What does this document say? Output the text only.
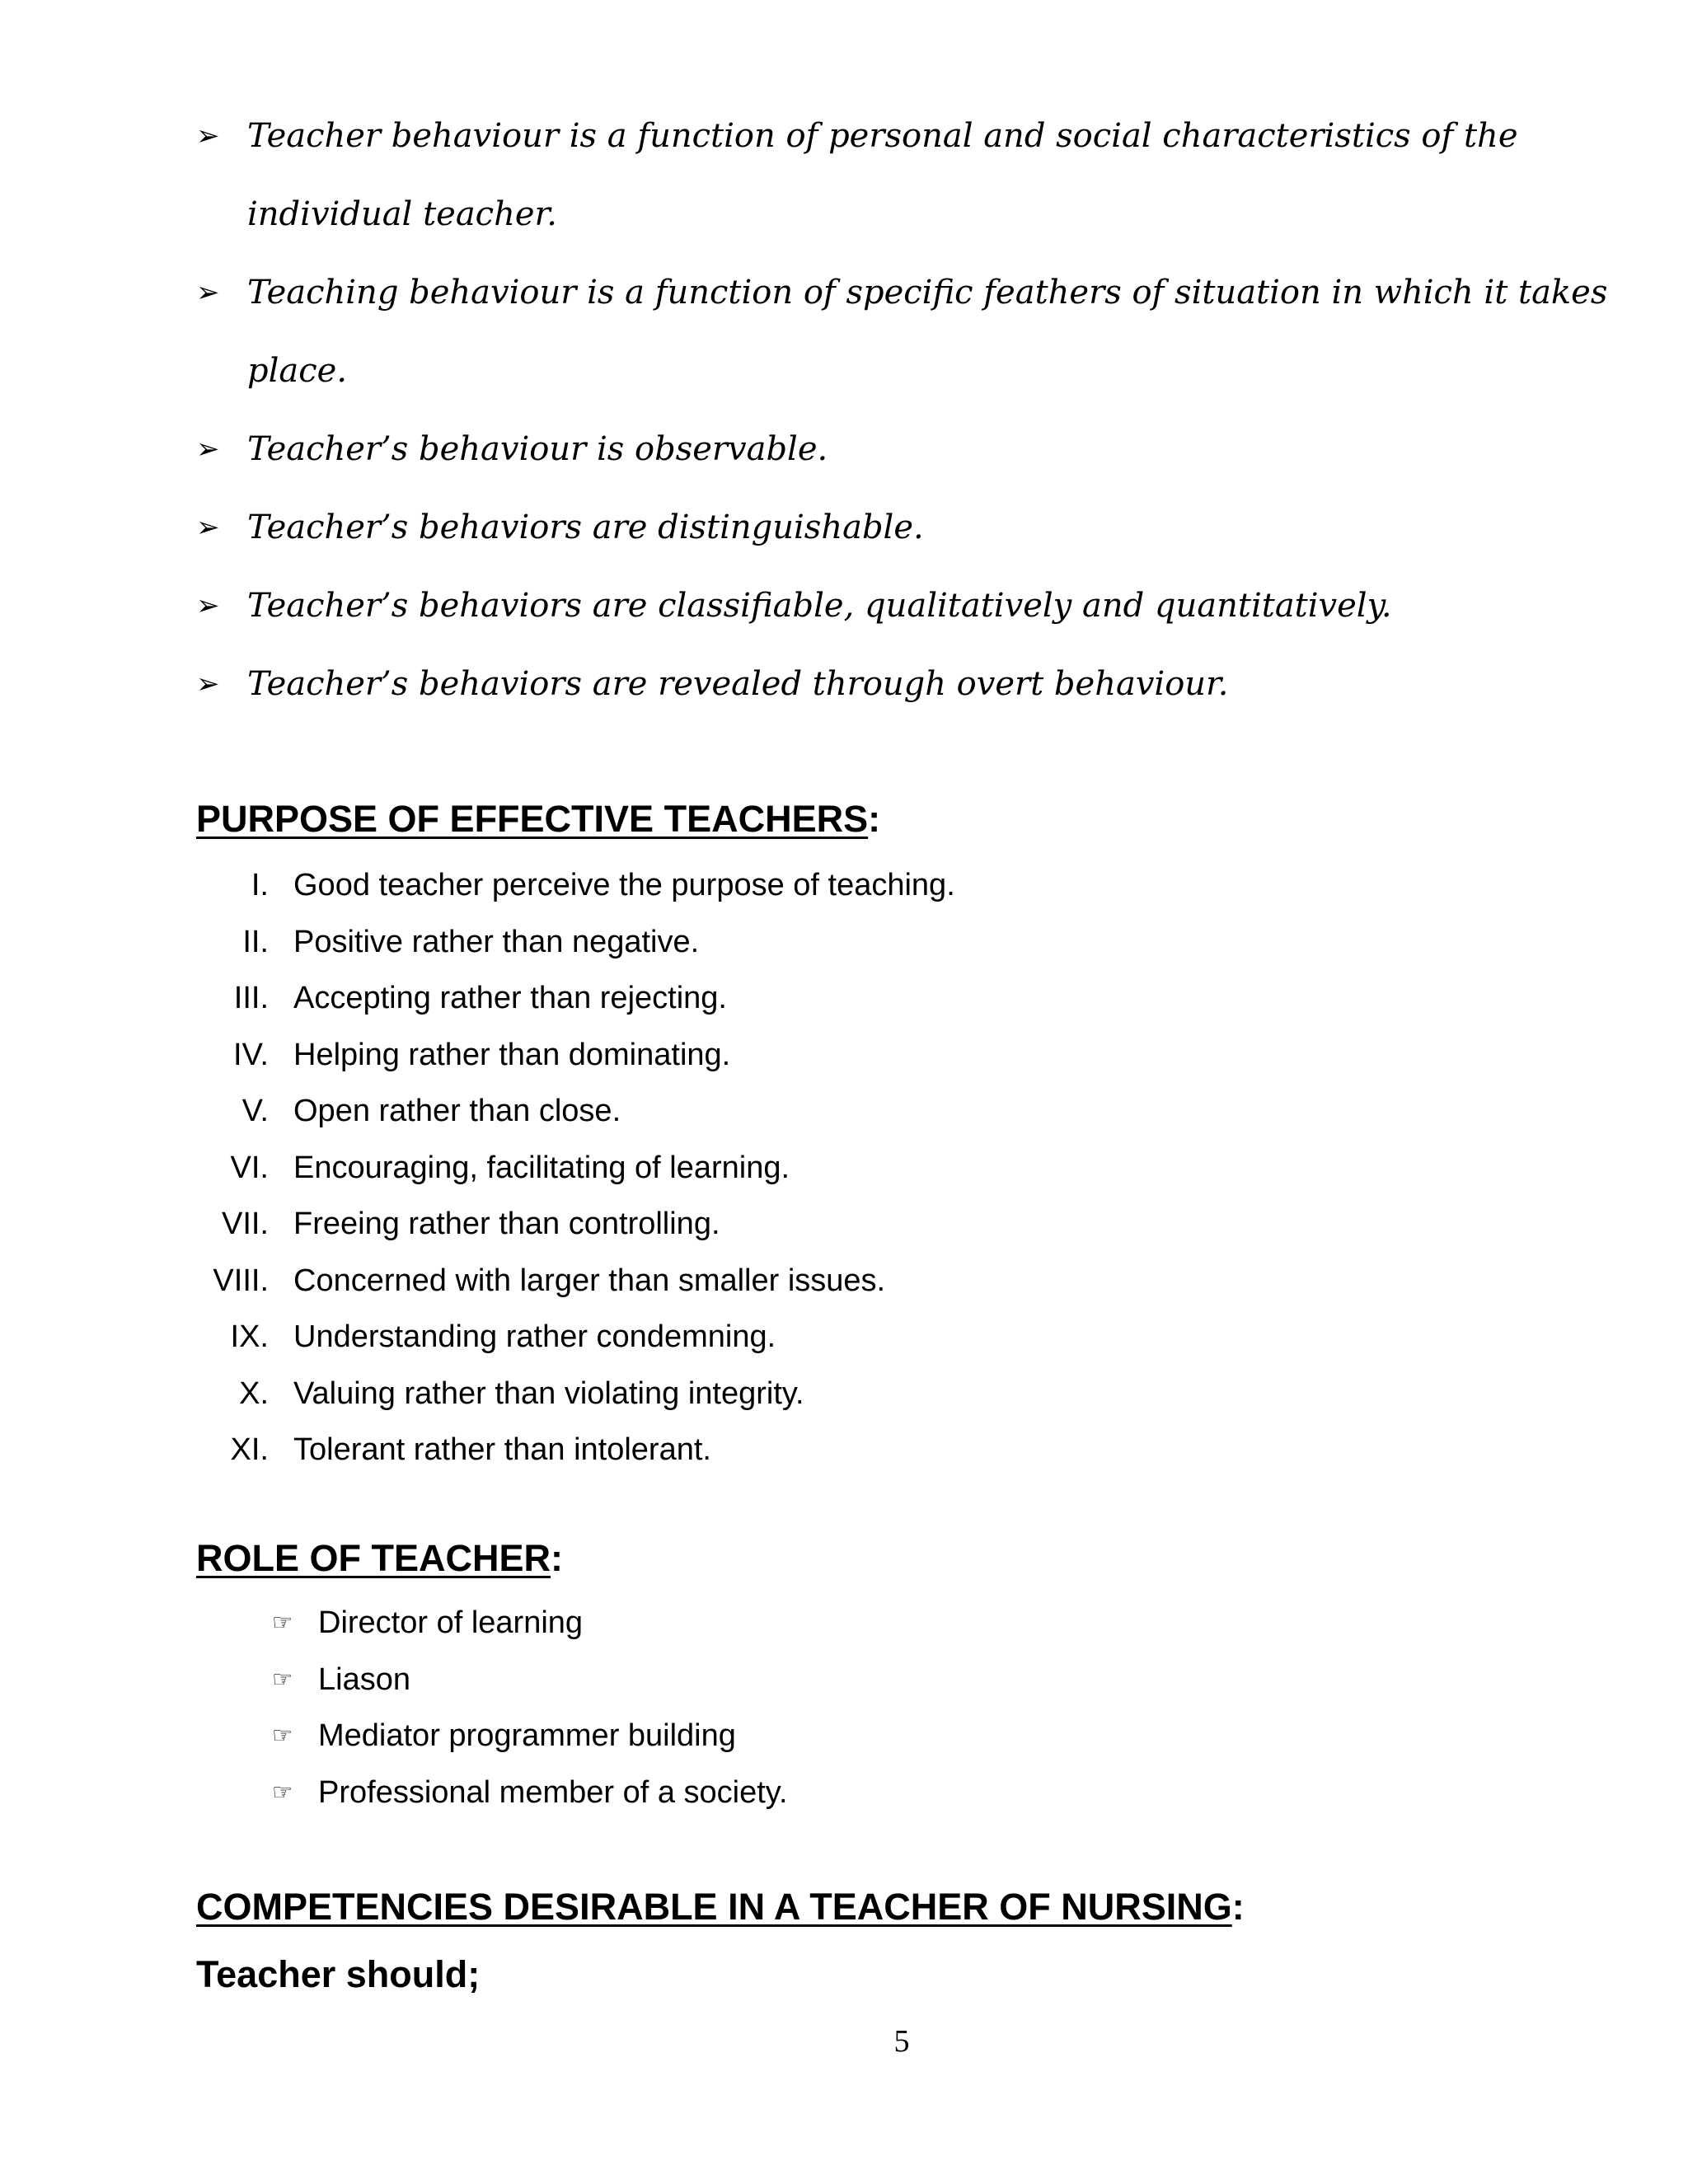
➢ Teacher behaviour is a function of personal and social characteristics of the individual teacher.
➢ Teaching behaviour is a function of specific feathers of situation in which it takes place.
➢ Teacher’s behaviour is observable.
➢ Teacher’s behaviors are distinguishable.
➢ Teacher’s behaviors are classifiable, qualitatively and quantitatively.
➢ Teacher’s behaviors are revealed through overt behaviour.
PURPOSE OF EFFECTIVE TEACHERS:
I. Good teacher perceive the purpose of teaching.
II. Positive rather than negative.
III. Accepting rather than rejecting.
IV. Helping rather than dominating.
V. Open rather than close.
VI. Encouraging, facilitating of learning.
VII. Freeing rather than controlling.
VIII. Concerned with larger than smaller issues.
IX. Understanding rather condemning.
X. Valuing rather than violating integrity.
XI. Tolerant rather than intolerant.
ROLE OF TEACHER:
☞ Director of learning
☞ Liason
☞ Mediator programmer building
☞ Professional member of a society.
COMPETENCIES DESIRABLE IN A TEACHER OF NURSING:
Teacher should;
5
